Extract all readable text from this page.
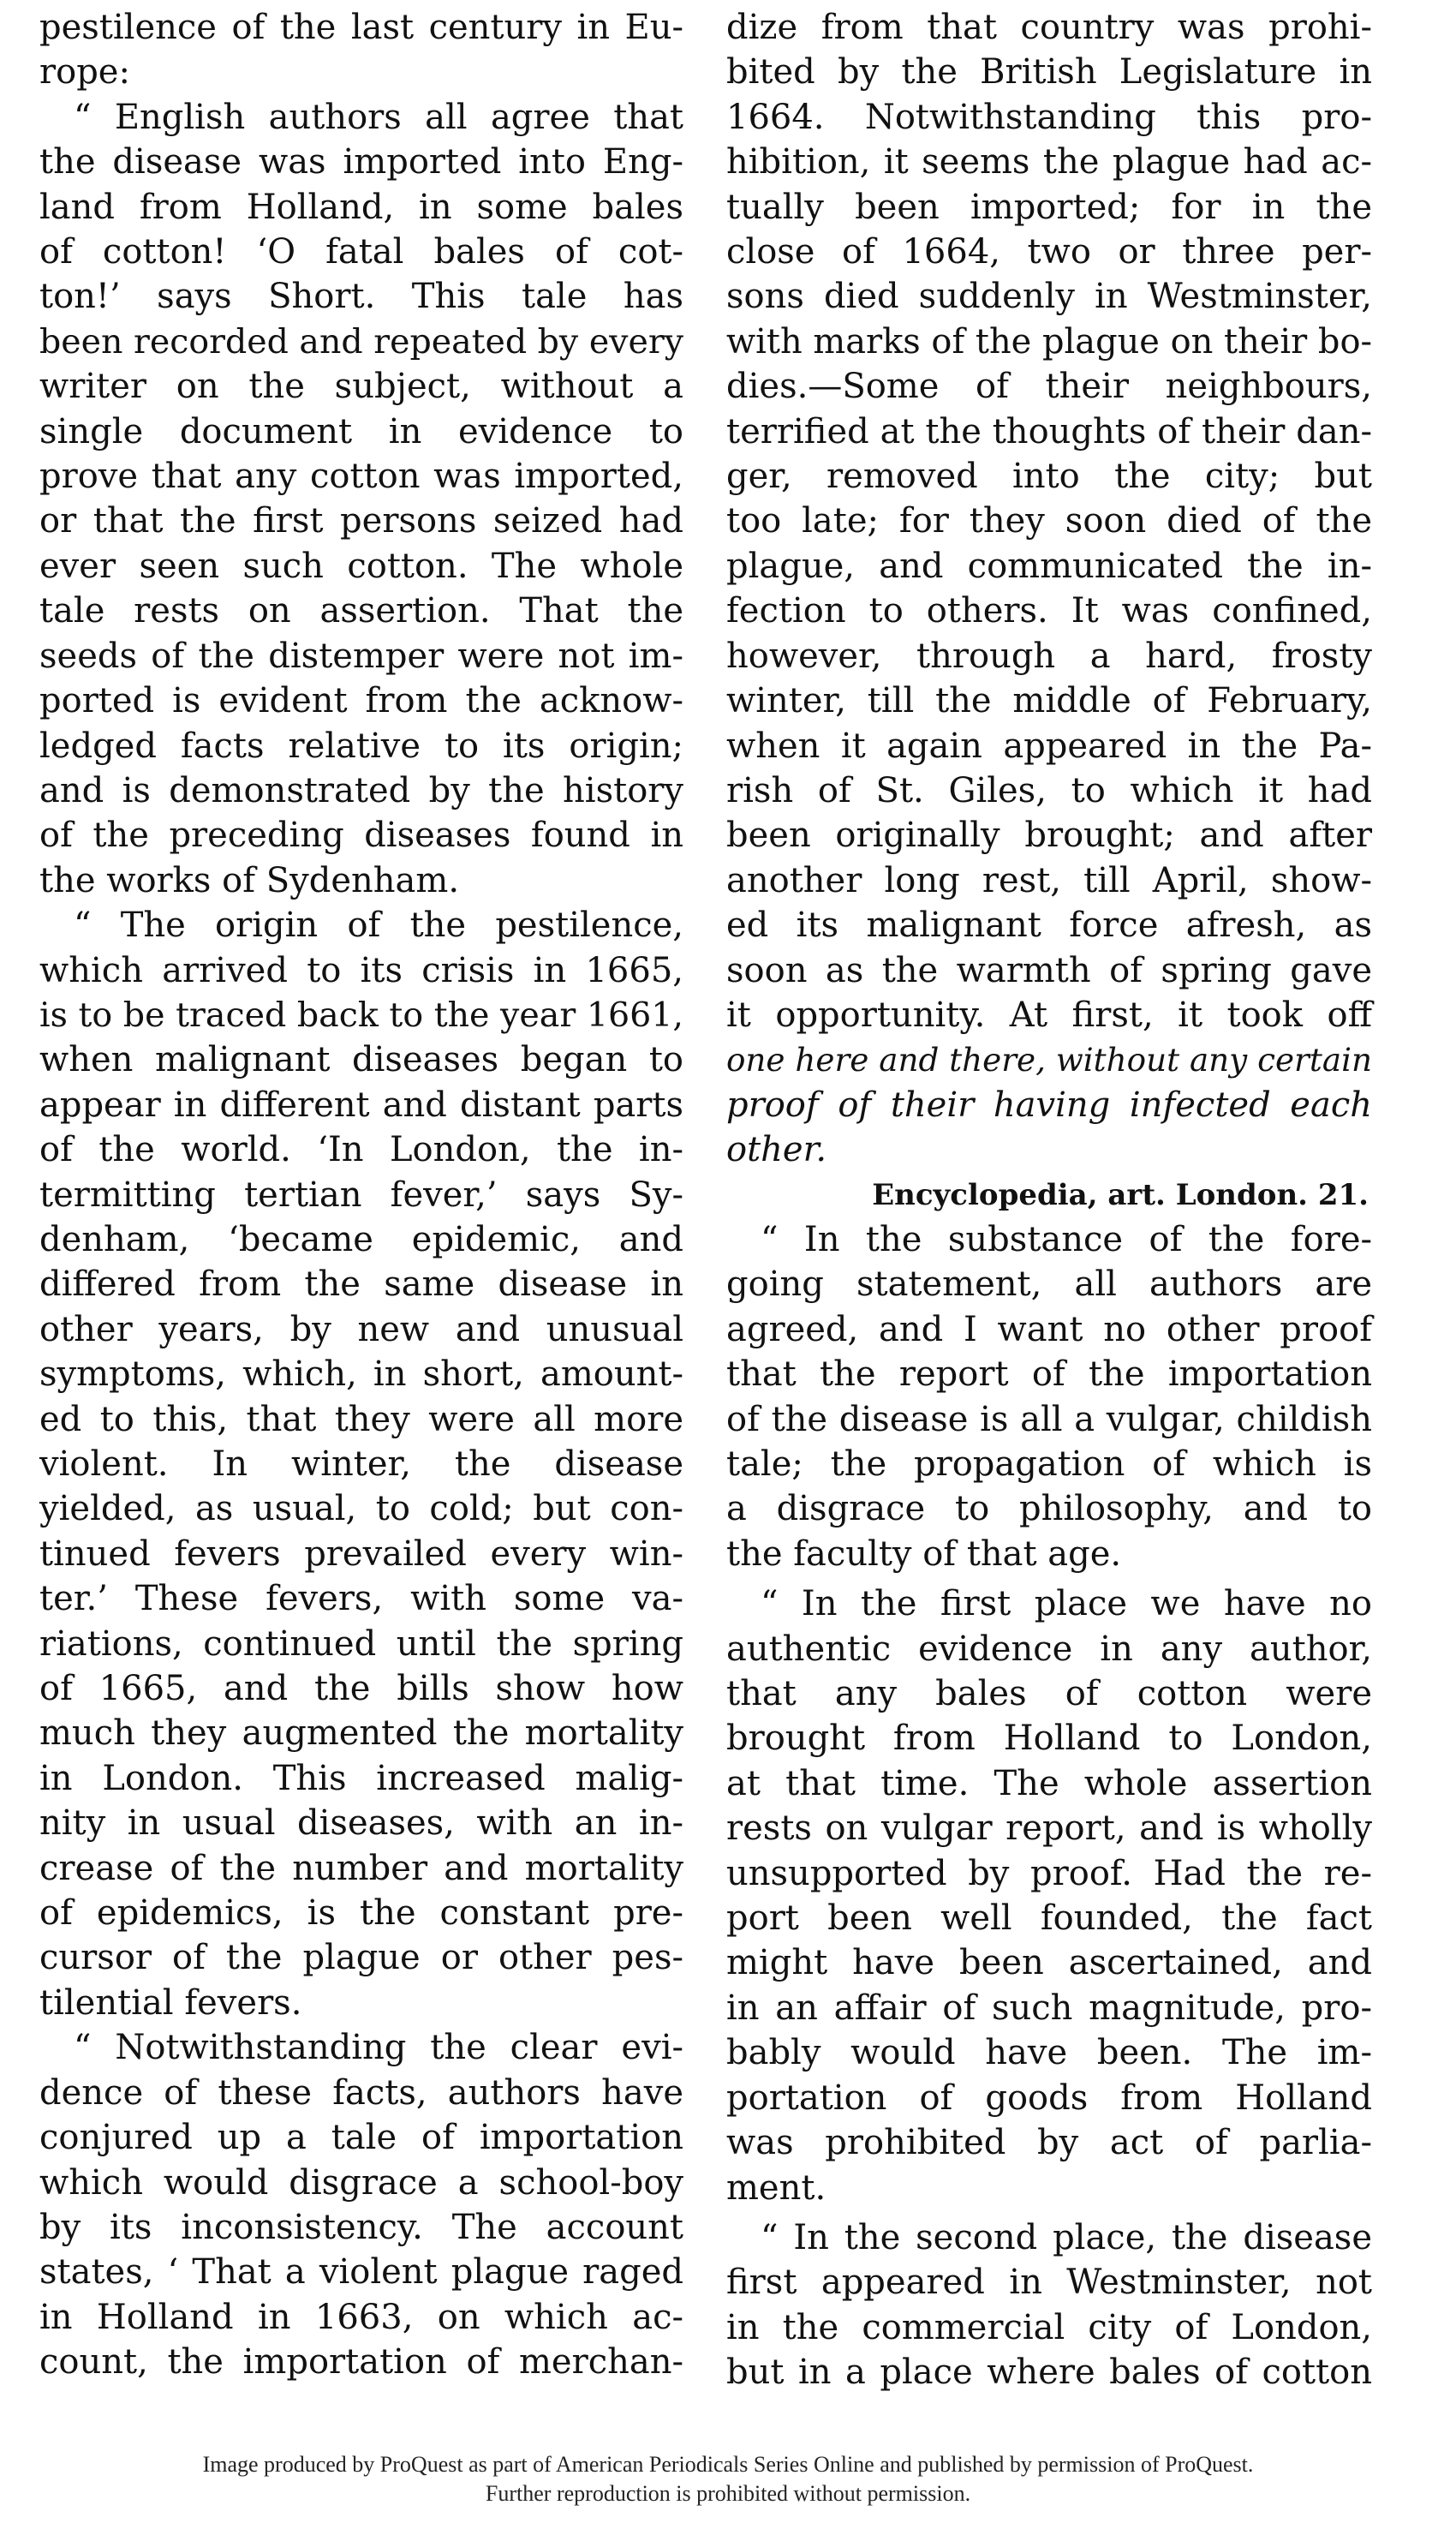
pestilence of the last century in Eu-
rope:

“ English authors all agree that
the disease was imported into Eng-
land from Holland, in some bales
of cotton! ‘O fatal bales of cot-
ton!’ says Short. This tale has
been recorded and repeated by every
writer on the subject, without a
single document in evidence to
prove that any cotton was imported,
or that the first persons seized had
ever seen such cotton. The whole
tale rests on assertion. That the
seeds of the distemper were not im-
ported is evident from the acknow-
ledged facts relative to its origin;
and is demonstrated by the history
of the preceding diseases found in
the works of Sydenham.

“ The origin of the pestilence,
which arrived to its crisis in 1665,
is to be traced back to the year 1661,
when malignant diseases began to
appear in different and distant parts
of the world. ‘In London, the in-
termitting tertian fever,’ says Sy-
denham, ‘became epidemic, and
differed from the same disease in
other years, by new and unusual
symptoms, which, in short, amount-
ed to this, that they were all more
violent. In winter, the disease
yielded, as usual, to cold; but con-
tinued fevers prevailed every win-
ter.’ These fevers, with some va-
riations, continued until the spring
of 1665, and the bills show how
much they augmented the mortality
in London. This increased malig-
nity in usual diseases, with an in-
crease of the number and mortality
of epidemics, is the constant pre-
cursor of the plague or other pes-
tilential fevers.

“ Notwithstanding the clear evi-
dence of these facts, authors have
conjured up a tale of importation
which would disgrace a school-boy
by its inconsistency. The account
states, ‘ That a violent plague raged
in Holland in 1663, on which ac-
count, the importation of merchan-

dize from that country was prohi-
bited by the British Legislature in
1664. Notwithstanding this pro-
hibition, it seems the plague had ac-
tually been imported; for in the
close of 1664, two or three per-
sons died suddenly in Westminster,
with marks of the plague on their bo-
dies.—Some of their neighbours,
terrified at the thoughts of their dan-
ger, removed into the city; but
too late; for they soon died of the
plague, and communicated the in-
fection to others. It was confined,
however, through a hard, frosty
winter, till the middle of February,
when it again appeared in the Pa-
rish of St. Giles, to which it had
been originally brought; and after
another long rest, till April, show-
ed its malignant force afresh, as
soon as the warmth of spring gave
it opportunity. At first, it took off
one here and there, without any certain
proof of their having infected each
other.

Encyclopedia, art. London. 21.

“ In the substance of the fore-
going statement, all authors are
agreed, and I want no other proof
that the report of the importation
of the disease is all a vulgar, childish
tale; the propagation of which is
a disgrace to philosophy, and to
the faculty of that age.

“ In the first place we have no
authentic evidence in any author,
that any bales of cotton were
brought from Holland to London,
at that time. The whole assertion
rests on vulgar report, and is wholly
unsupported by proof. Had the re-
port been well founded, the fact
might have been ascertained, and
in an affair of such magnitude, pro-
bably would have been. The im-
portation of goods from Holland
was prohibited by act of parlia-
ment.

“ In the second place, the disease
first appeared in Westminster, not
in the commercial city of London,
but in a place where bales of cotton

Image produced by ProQuest as part of American Periodicals Series Online and published by permission of ProQuest.
Further reproduction is prohibited without permission.
